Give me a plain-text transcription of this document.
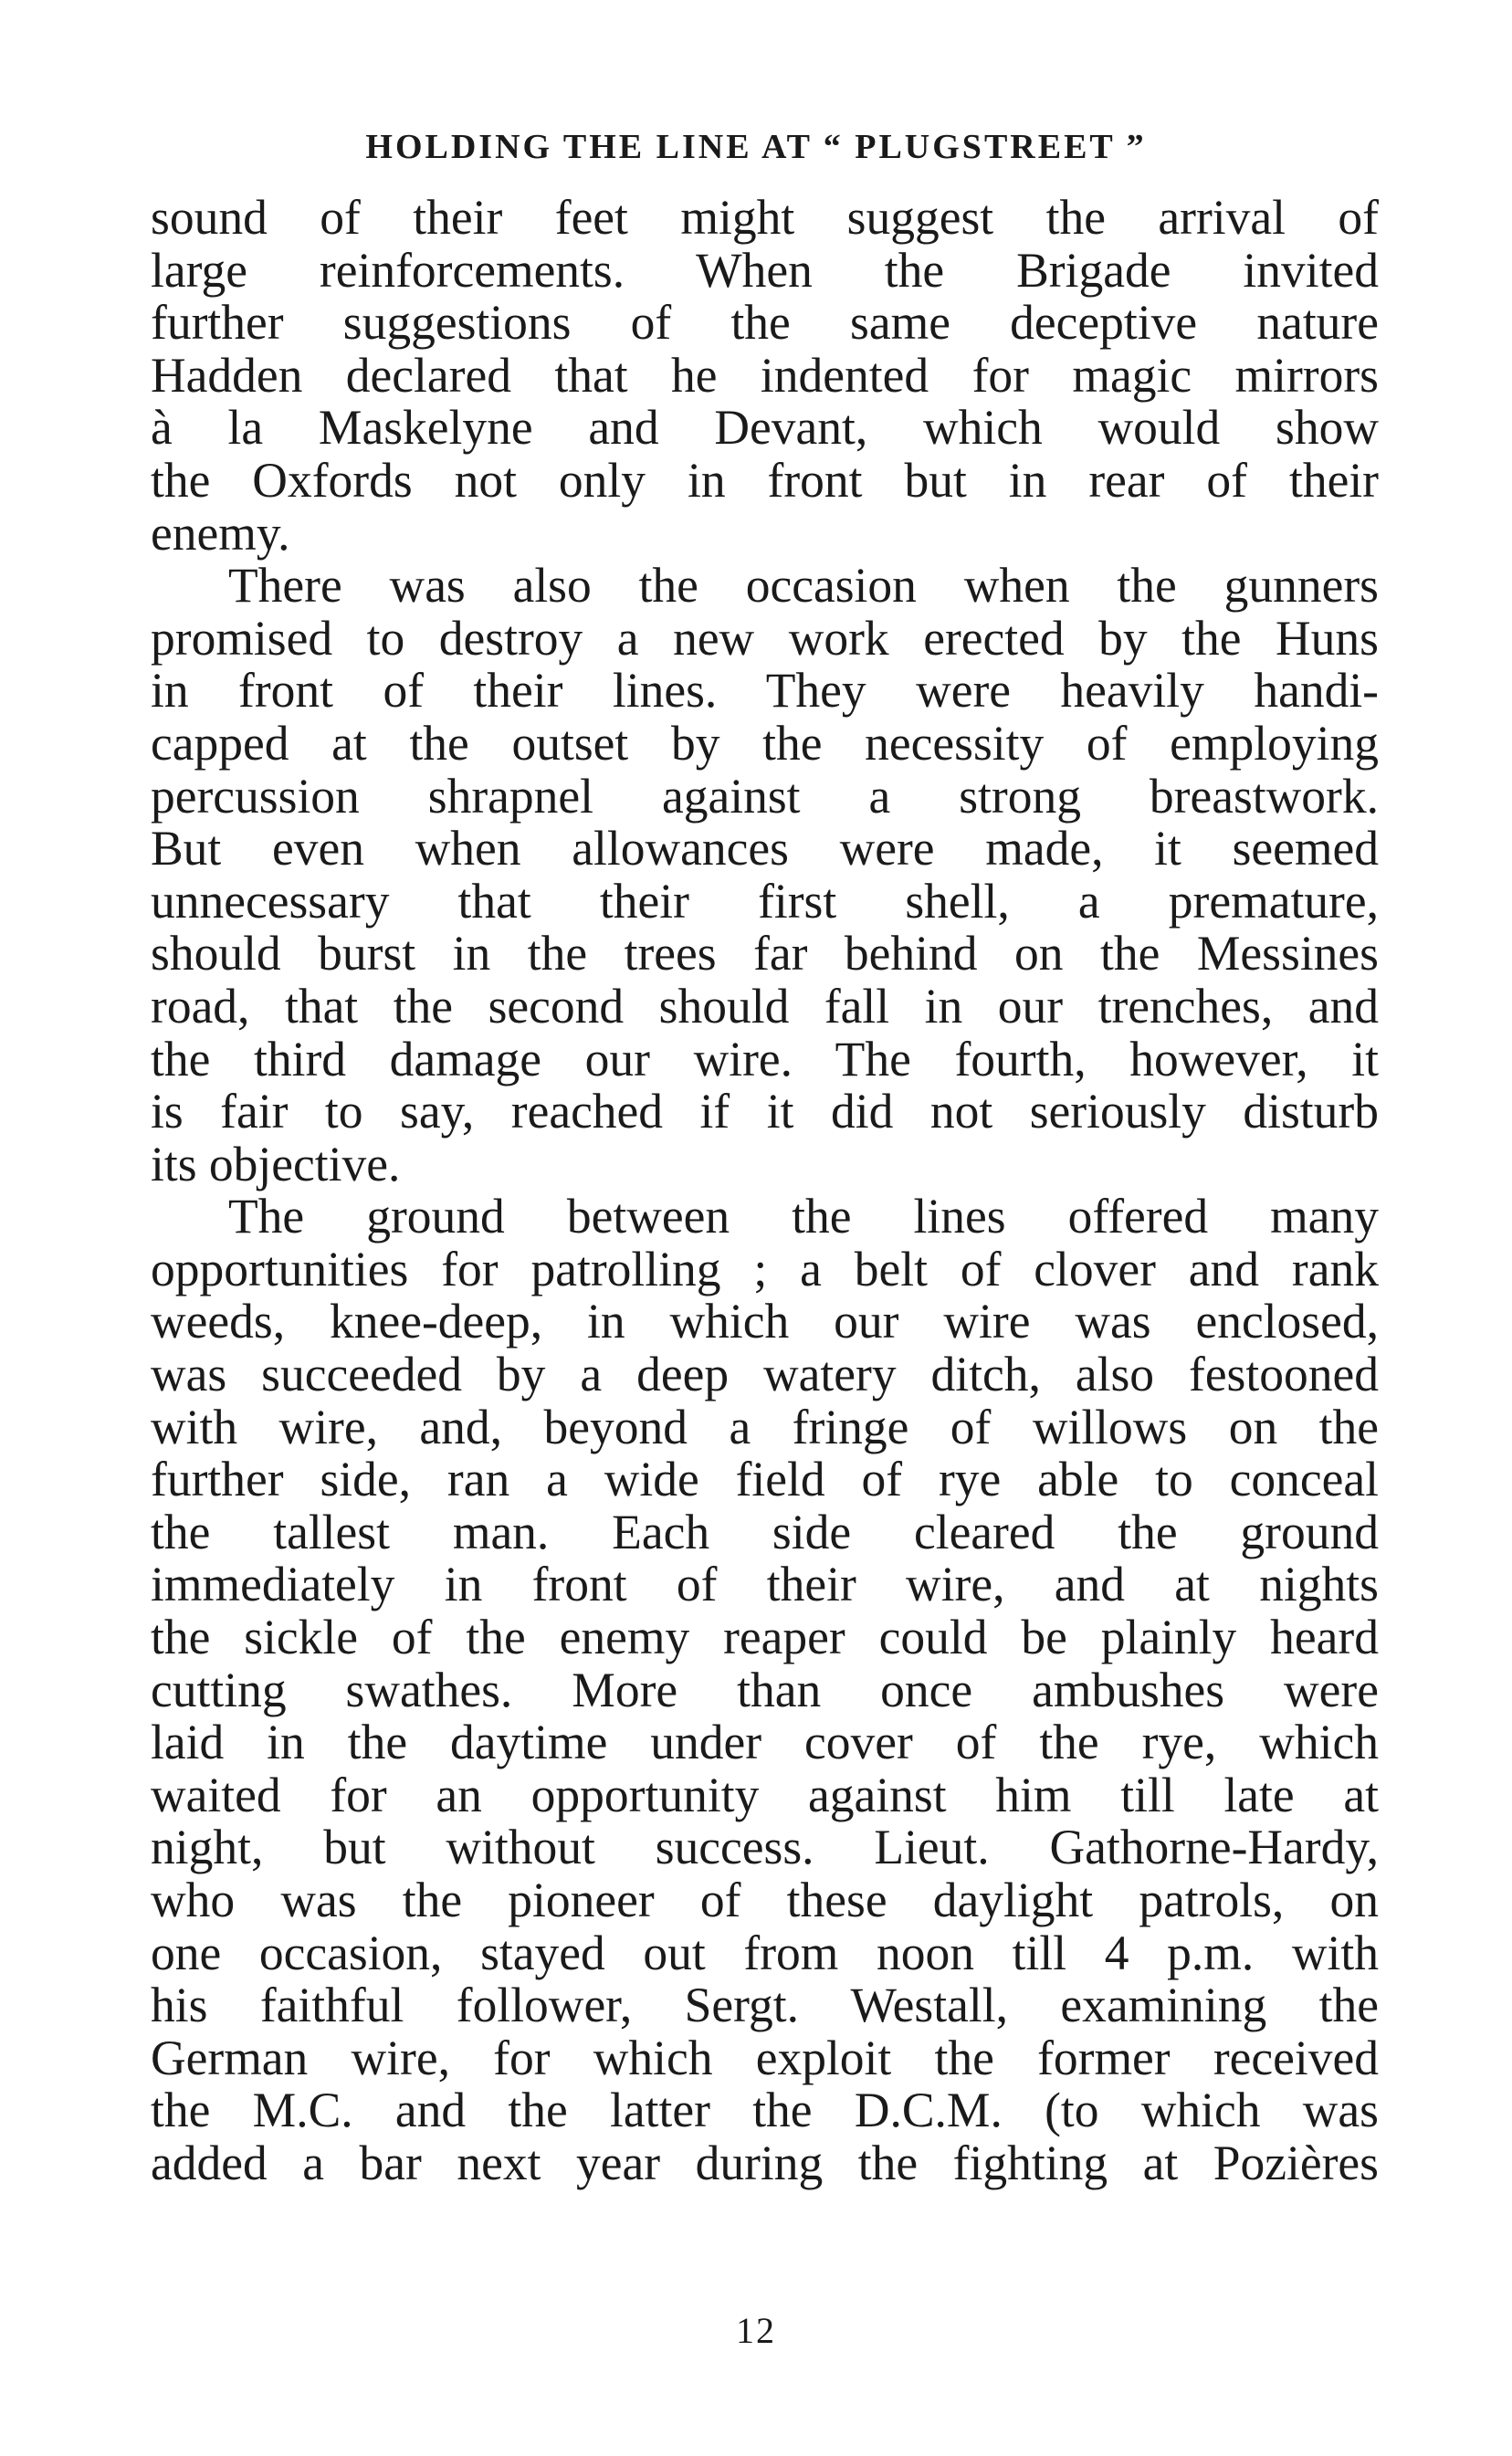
HOLDING THE LINE AT “ PLUGSTREET ”

sound of their feet might suggest the arrival of
large reinforcements. When the Brigade invited
further suggestions of the same deceptive nature
Hadden declared that he indented for magic mirrors
à la Maskelyne and Devant, which would show
the Oxfords not only in front but in rear of their
enemy.

There was also the occasion when the gunners
promised to destroy a new work erected by the Huns
in front of their lines. They were heavily handi-
capped at the outset by the necessity of employing
percussion shrapnel against a strong breastwork.
But even when allowances were made, it seemed
unnecessary that their first shell, a premature,
should burst in the trees far behind on the Messines
road, that the second should fall in our trenches, and
the third damage our wire. The fourth, however, it
is fair to say, reached if it did not seriously disturb
its objective.

The ground between the lines offered many
opportunities for patrolling ; a belt of clover and rank
weeds, knee-deep, in which our wire was enclosed,
was succeeded by a deep watery ditch, also festooned
with wire, and, beyond a fringe of willows on the
further side, ran a wide field of rye able to conceal
the tallest man. Each side cleared the ground
immediately in front of their wire, and at nights
the sickle of the enemy reaper could be plainly heard
cutting swathes. More than once ambushes were
laid in the daytime under cover of the rye, which
waited for an opportunity against him till late at
night, but without success. Lieut. Gathorne-Hardy,
who was the pioneer of these daylight patrols, on
one occasion, stayed out from noon till 4 p.m. with
his faithful follower, Sergt. Westall, examining the
German wire, for which exploit the former received
the M.C. and the latter the D.C.M. (to which was
added a bar next year during the fighting at Pozières

12
